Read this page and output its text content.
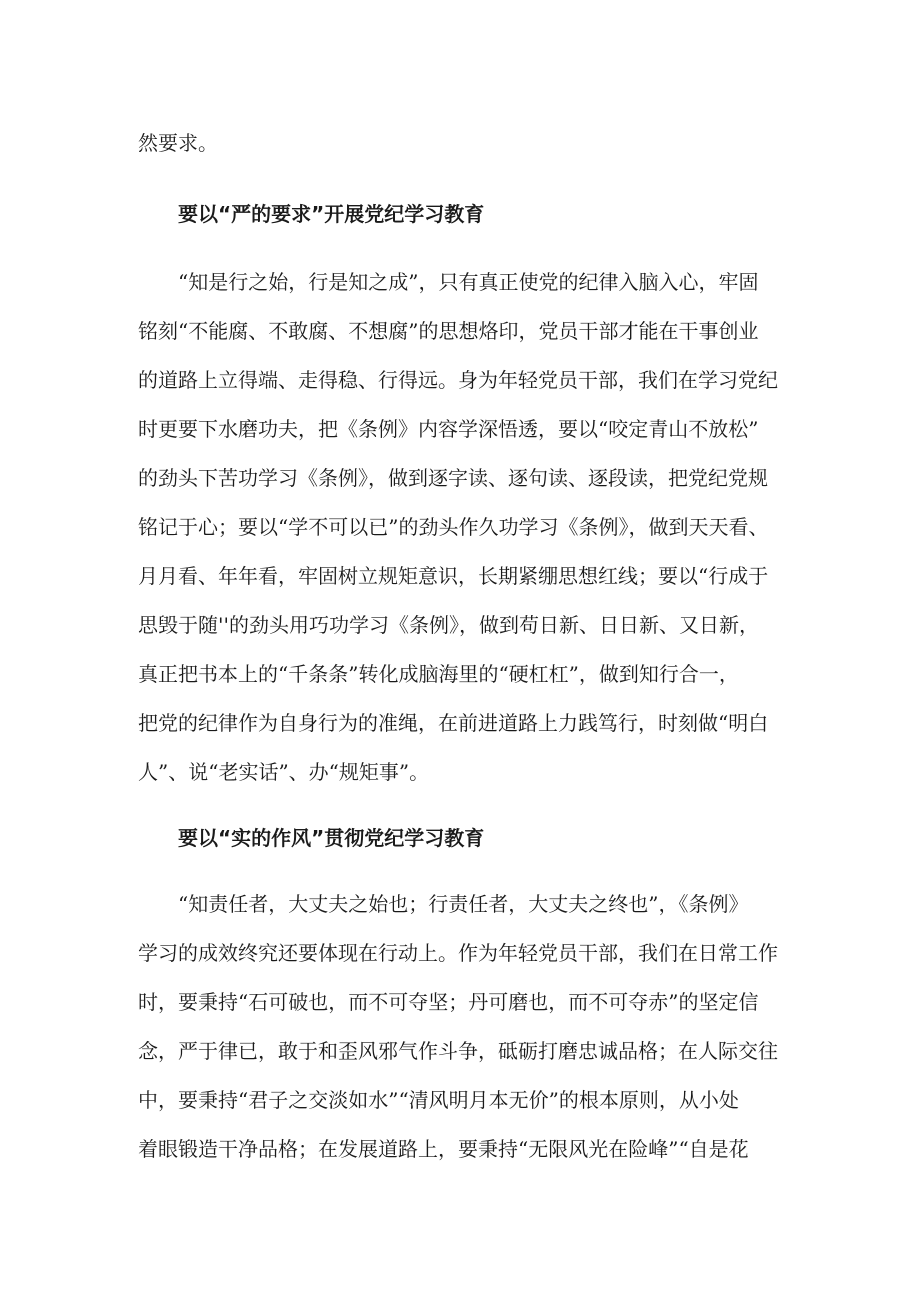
然要求。
要以“严的要求”开展党纪学习教育
“知是行之始，行是知之成”，只有真正使党的纪律入脑入心，牢固
铭刻“不能腐、不敢腐、不想腐”的思想烙印，党员干部才能在干事创业
的道路上立得端、走得稳、行得远。身为年轻党员干部，我们在学习党纪
时更要下水磨功夫，把《条例》内容学深悟透，要以“咬定青山不放松”
的劲头下苦功学习《条例》，做到逐字读、逐句读、逐段读，把党纪党规
铭记于心；要以“学不可以已”的劲头作久功学习《条例》，做到天天看、
月月看、年年看，牢固树立规矩意识，长期紧绷思想红线；要以“行成于
思毁于随''的劲头用巧功学习《条例》，做到苟日新、日日新、又日新，
真正把书本上的“千条条”转化成脑海里的“硬杠杠”，做到知行合一，
把党的纪律作为自身行为的准绳，在前进道路上力践笃行，时刻做“明白
人”、说“老实话”、办“规矩事”。
要以“实的作风”贯彻党纪学习教育
“知责任者，大丈夫之始也；行责任者，大丈夫之终也”，《条例》
学习的成效终究还要体现在行动上。作为年轻党员干部，我们在日常工作
时，要秉持“石可破也，而不可夺坚；丹可磨也，而不可夺赤”的坚定信
念，严于律已，敢于和歪风邪气作斗争，砥砺打磨忠诚品格；在人际交往
中，要秉持“君子之交淡如水”“清风明月本无价”的根本原则，从小处
着眼锻造干净品格；在发展道路上，要秉持“无限风光在险峰”“自是花
